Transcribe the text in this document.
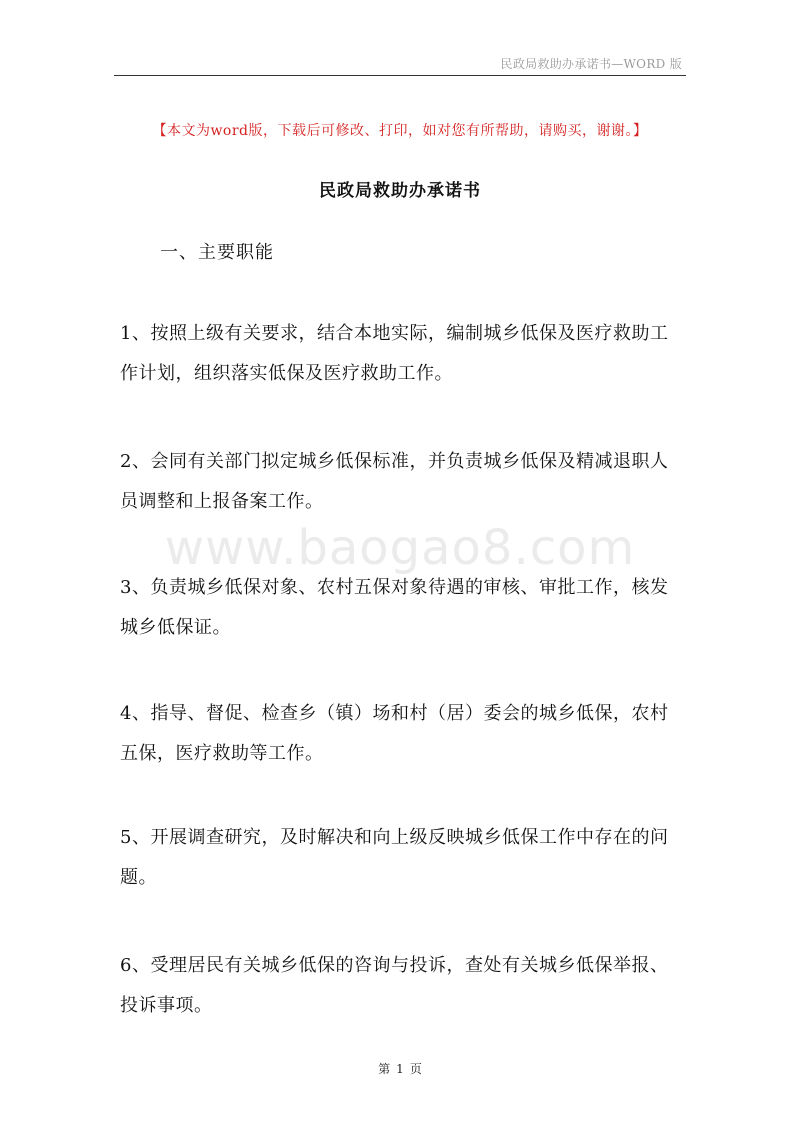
民政局救助办承诺书—WORD 版
【本文为word版，下载后可修改、打印，如对您有所帮助，请购买，谢谢。】
民政局救助办承诺书
一、主要职能
www.baogao8.com
1、按照上级有关要求，结合本地实际，编制城乡低保及医疗救助工
作计划，组织落实低保及医疗救助工作。
2、会同有关部门拟定城乡低保标准，并负责城乡低保及精减退职人
员调整和上报备案工作。
3、负责城乡低保对象、农村五保对象待遇的审核、审批工作，核发
城乡低保证。
4、指导、督促、检查乡（镇）场和村（居）委会的城乡低保，农村
五保，医疗救助等工作。
5、开展调查研究，及时解决和向上级反映城乡低保工作中存在的问
题。
6、受理居民有关城乡低保的咨询与投诉，查处有关城乡低保举报、
投诉事项。
第 1 页
